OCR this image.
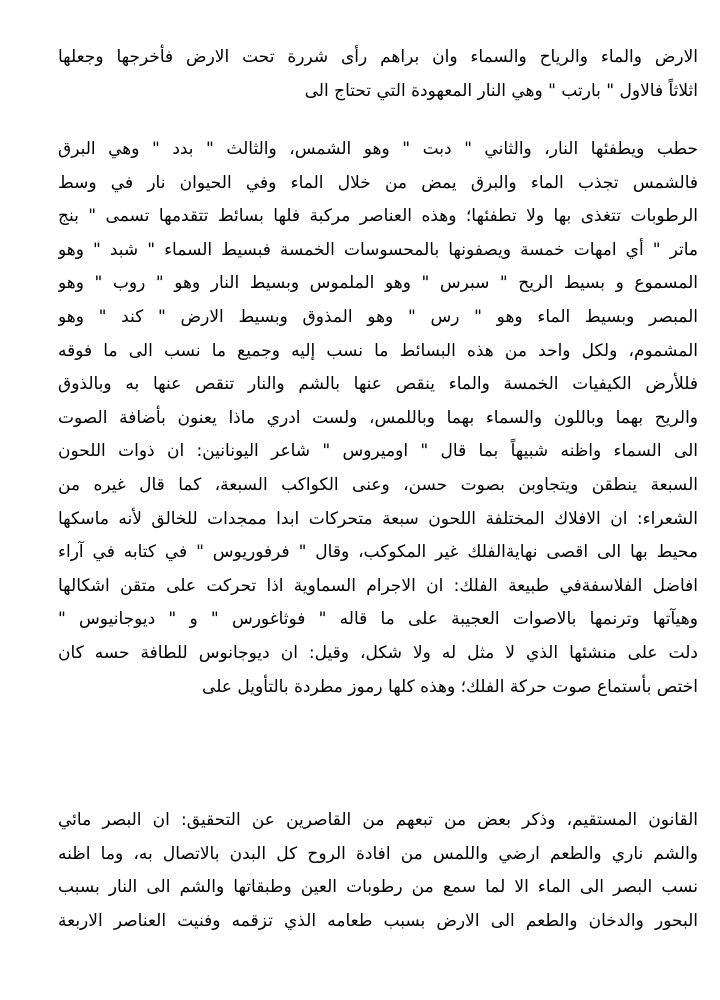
الارض والماء والرياح والسماء وان براهم رأى شررة تحت الارض فأخرجها وجعلها
اثلاثاً فالاول " بارتب " وهي النار المعهودة التي تحتاج الى
حطب ويطفئها النار، والثاني " دبت " وهو الشمس، والثالث " بدد " وهي البرق
فالشمس تجذب الماء والبرق يمض من خلال الماء وفي الحيوان نار في وسط
الرطوبات تتغذى بها ولا تطفئها؛ وهذه العناصر مركبة فلها بسائط تتقدمها تسمى " بنج
ماتر " أي امهات خمسة ويصفونها بالمحسوسات الخمسة فبسيط السماء " شبد " وهو
المسموع و بسيط الريح " سبرس " وهو الملموس وبسيط النار وهو " روب " وهو
المبصر وبسيط الماء وهو " رس " وهو المذوق وبسيط الارض " كند " وهو
المشموم، ولكل واحد من هذه البسائط ما نسب إليه وجميع ما نسب الى ما فوقه
فللأرض الكيفيات الخمسة والماء ينقص عنها بالشم والنار تنقص عنها به وبالذوق
والريح بهما وباللون والسماء بهما وباللمس، ولست ادري ماذا يعنون بأضافة الصوت
الى السماء واظنه شبيهاً بما قال " اوميروس " شاعر اليونانين: ان ذوات اللحون
السبعة ينطقن ويتجاوبن بصوت حسن، وعنى الكواكب السبعة، كما قال غيره من
الشعراء: ان الافلاك المختلفة اللحون سبعة متحركات ابدا ممجدات للخالق لأنه ماسكها
محيط بها الى اقصى نهايةالفلك غير المكوكب، وقال " فرفوريوس " في كتابه في آراء
افاضل الفلاسفةفي طبيعة الفلك: ان الاجرام السماوية اذا تحركت على متقن اشكالها
وهيآتها وترنمها بالاصوات العجيبة على ما قاله " فوثاغورس " و " ديوجانيوس "
دلت على منشئها الذي لا مثل له ولا شكل، وقيل: ان ديوجانوس للطافة حسه كان
اختص بأستماع صوت حركة الفلك؛ وهذه كلها رموز مطردة بالتأويل على
القانون المستقيم، وذكر بعض من تبعهم من القاصرين عن التحقيق: ان البصر مائي
والشم ناري والطعم ارضي واللمس من افادة الروح كل البدن بالاتصال به، وما اظنه
نسب البصر الى الماء الا لما سمع من رطوبات العين وطبقاتها والشم الى النار بسبب
البحور والدخان والطعم الى الارض بسبب طعامه الذي تزقمه وفنيت العناصر الاربعة
